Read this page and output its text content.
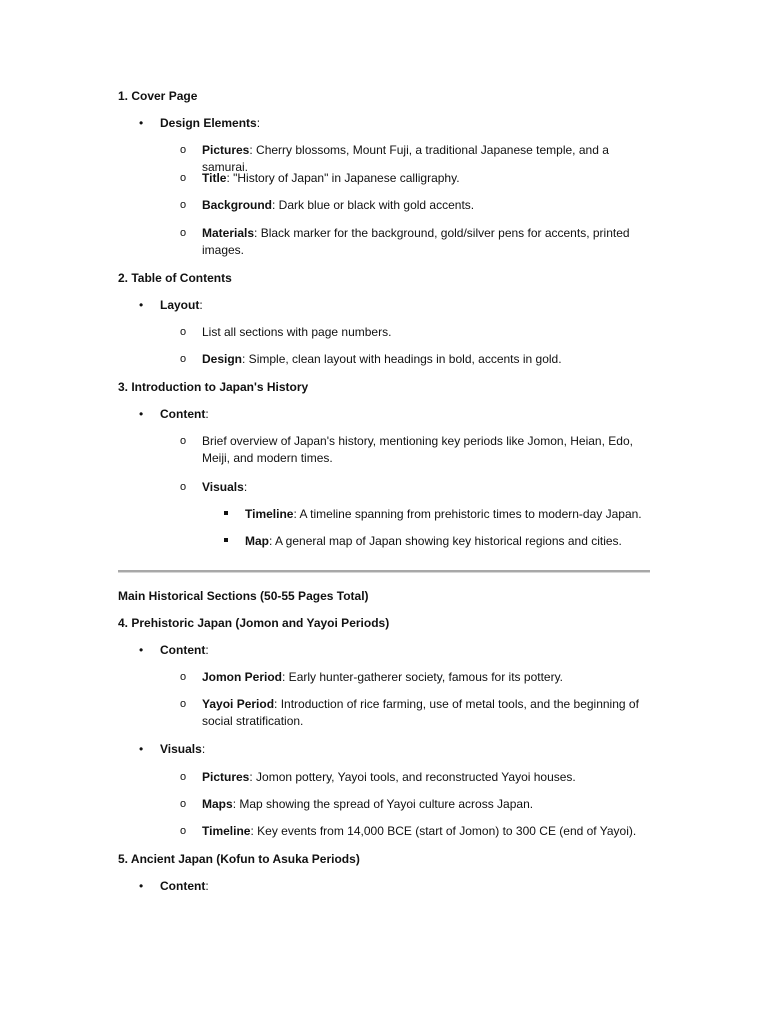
1. Cover Page
• Design Elements:
o Pictures: Cherry blossoms, Mount Fuji, a traditional Japanese temple, and a samurai.
o Title: "History of Japan" in Japanese calligraphy.
o Background: Dark blue or black with gold accents.
o Materials: Black marker for the background, gold/silver pens for accents, printed images.
2. Table of Contents
• Layout:
o List all sections with page numbers.
o Design: Simple, clean layout with headings in bold, accents in gold.
3. Introduction to Japan's History
• Content:
o Brief overview of Japan's history, mentioning key periods like Jomon, Heian, Edo, Meiji, and modern times.
o Visuals:
Timeline: A timeline spanning from prehistoric times to modern-day Japan.
Map: A general map of Japan showing key historical regions and cities.
Main Historical Sections (50-55 Pages Total)
4. Prehistoric Japan (Jomon and Yayoi Periods)
• Content:
o Jomon Period: Early hunter-gatherer society, famous for its pottery.
o Yayoi Period: Introduction of rice farming, use of metal tools, and the beginning of social stratification.
• Visuals:
o Pictures: Jomon pottery, Yayoi tools, and reconstructed Yayoi houses.
o Maps: Map showing the spread of Yayoi culture across Japan.
o Timeline: Key events from 14,000 BCE (start of Jomon) to 300 CE (end of Yayoi).
5. Ancient Japan (Kofun to Asuka Periods)
• Content:
